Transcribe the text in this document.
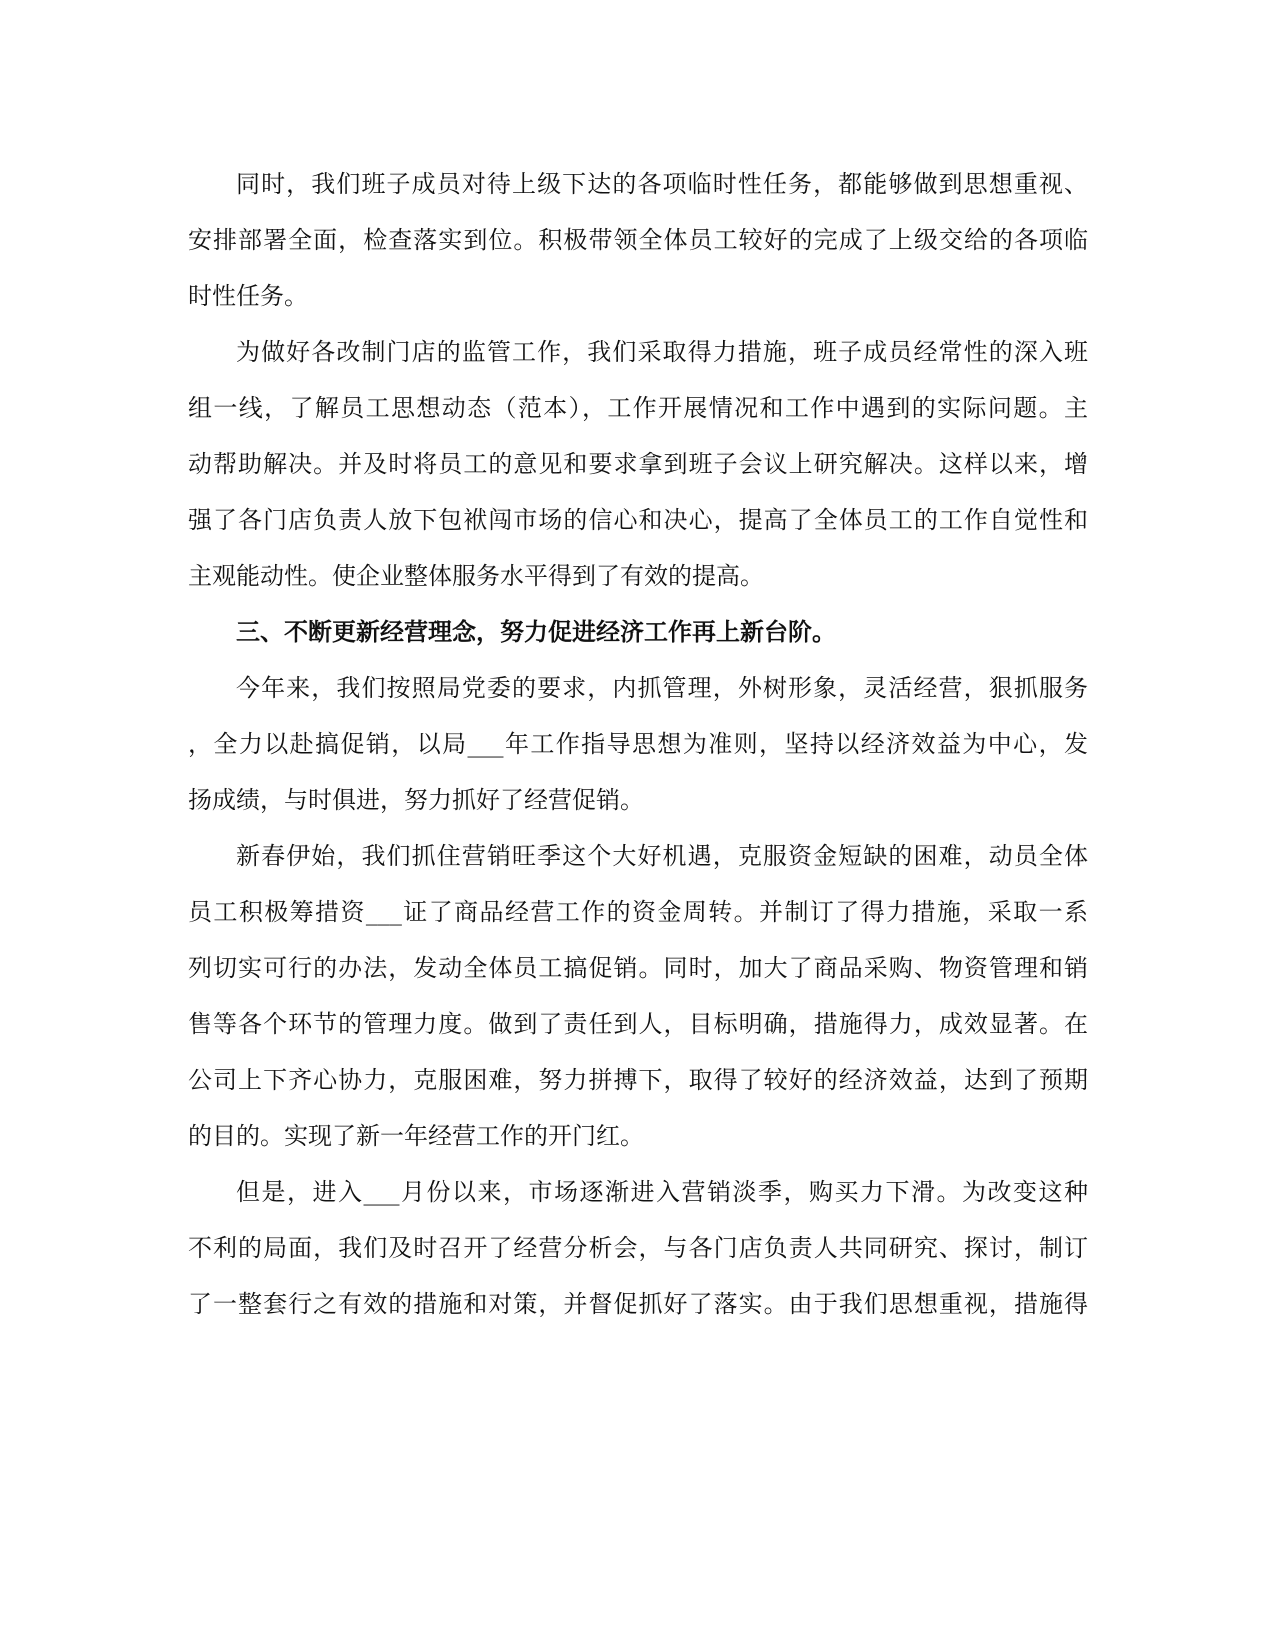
同时，我们班子成员对待上级下达的各项临时性任务，都能够做到思想重视、
安排部署全面，检查落实到位。积极带领全体员工较好的完成了上级交给的各项临
时性任务。
为做好各改制门店的监管工作，我们采取得力措施，班子成员经常性的深入班
组一线，了解员工思想动态（范本），工作开展情况和工作中遇到的实际问题。主
动帮助解决。并及时将员工的意见和要求拿到班子会议上研究解决。这样以来，增
强了各门店负责人放下包袱闯市场的信心和决心，提高了全体员工的工作自觉性和
主观能动性。使企业整体服务水平得到了有效的提高。
三、不断更新经营理念，努力促进经济工作再上新台阶。
今年来，我们按照局党委的要求，内抓管理，外树形象，灵活经营，狠抓服务
，全力以赴搞促销，以局___年工作指导思想为准则，坚持以经济效益为中心，发
扬成绩，与时俱进，努力抓好了经营促销。
新春伊始，我们抓住营销旺季这个大好机遇，克服资金短缺的困难，动员全体
员工积极筹措资___证了商品经营工作的资金周转。并制订了得力措施，采取一系
列切实可行的办法，发动全体员工搞促销。同时，加大了商品采购、物资管理和销
售等各个环节的管理力度。做到了责任到人，目标明确，措施得力，成效显著。在
公司上下齐心协力，克服困难，努力拼搏下，取得了较好的经济效益，达到了预期
的目的。实现了新一年经营工作的开门红。
但是，进入___月份以来，市场逐渐进入营销淡季，购买力下滑。为改变这种
不利的局面，我们及时召开了经营分析会，与各门店负责人共同研究、探讨，制订
了一整套行之有效的措施和对策，并督促抓好了落实。由于我们思想重视，措施得
